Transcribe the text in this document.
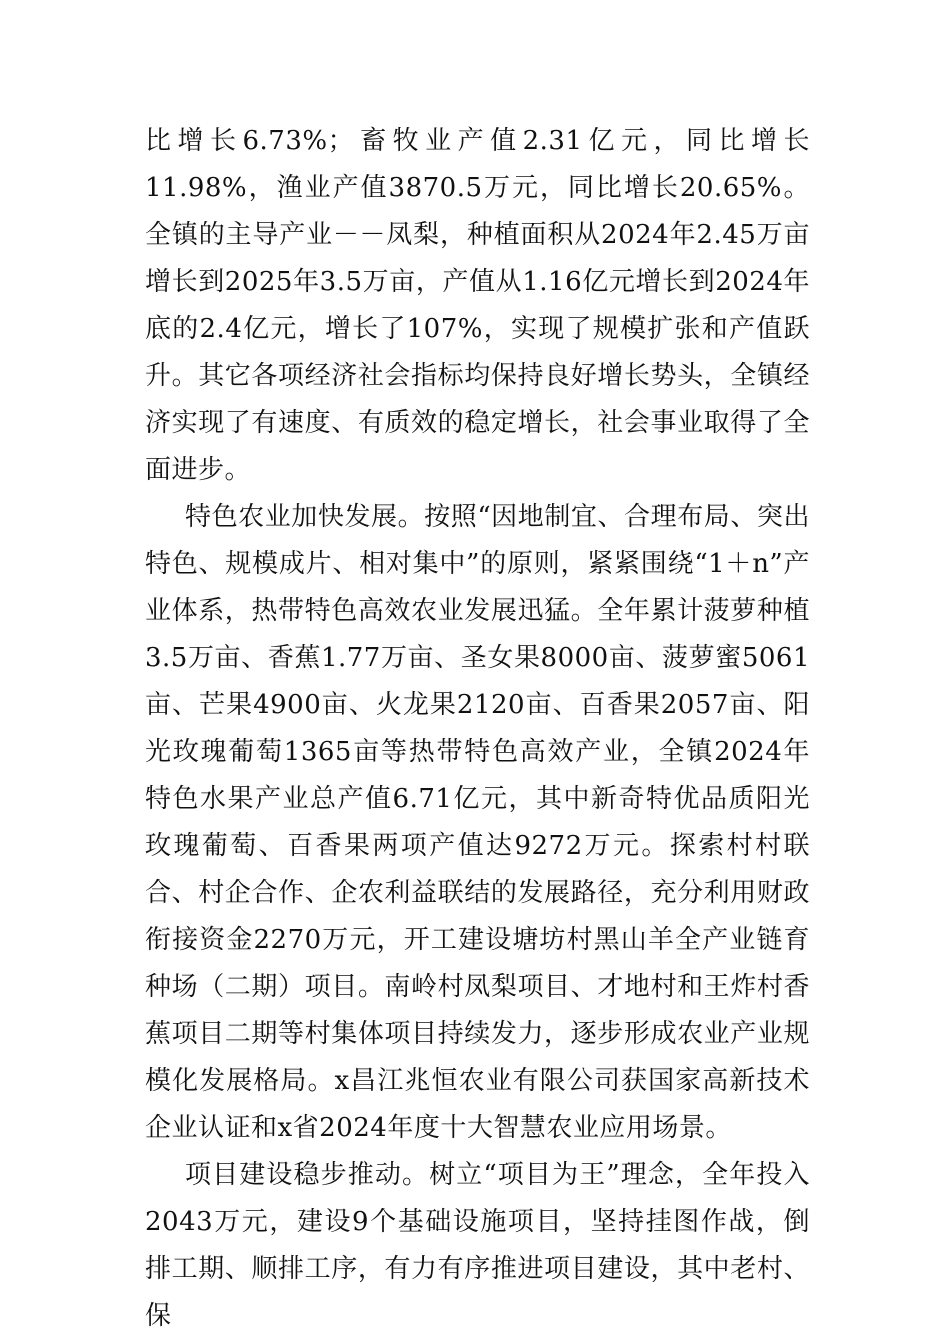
比增长6.73%；畜牧业产值2.31亿元，同比增长11.98%，渔业产值3870.5万元，同比增长20.65%。全镇的主导产业－－凤梨，种植面积从2024年2.45万亩增长到2025年3.5万亩，产值从1.16亿元增长到2024年底的2.4亿元，增长了107%，实现了规模扩张和产值跃升。其它各项经济社会指标均保持良好增长势头，全镇经济实现了有速度、有质效的稳定增长，社会事业取得了全面进步。

特色农业加快发展。按照“因地制宜、合理布局、突出特色、规模成片、相对集中”的原则，紧紧围绕“1＋n”产业体系，热带特色高效农业发展迅猛。全年累计菠萝种植3.5万亩、香蕉1.77万亩、圣女果8000亩、菠萝蜜5061亩、芒果4900亩、火龙果2120亩、百香果2057亩、阳光玫瑰葡萄1365亩等热带特色高效产业，全镇2024年特色水果产业总产值6.71亿元，其中新奇特优品质阳光玫瑰葡萄、百香果两项产值达9272万元。探索村村联合、村企合作、企农利益联结的发展路径，充分利用财政衔接资金2270万元，开工建设塘坊村黑山羊全产业链育种场（二期）项目。南岭村凤梨项目、才地村和王炸村香蕉项目二期等村集体项目持续发力，逐步形成农业产业规模化发展格局。x昌江兆恒农业有限公司获国家高新技术企业认证和x省2024年度十大智慧农业应用场景。

项目建设稳步推动。树立“项目为王”理念，全年投入2043万元，建设9个基础设施项目，坚持挂图作战，倒排工期、顺排工序，有力有序推进项目建设，其中老村、保
